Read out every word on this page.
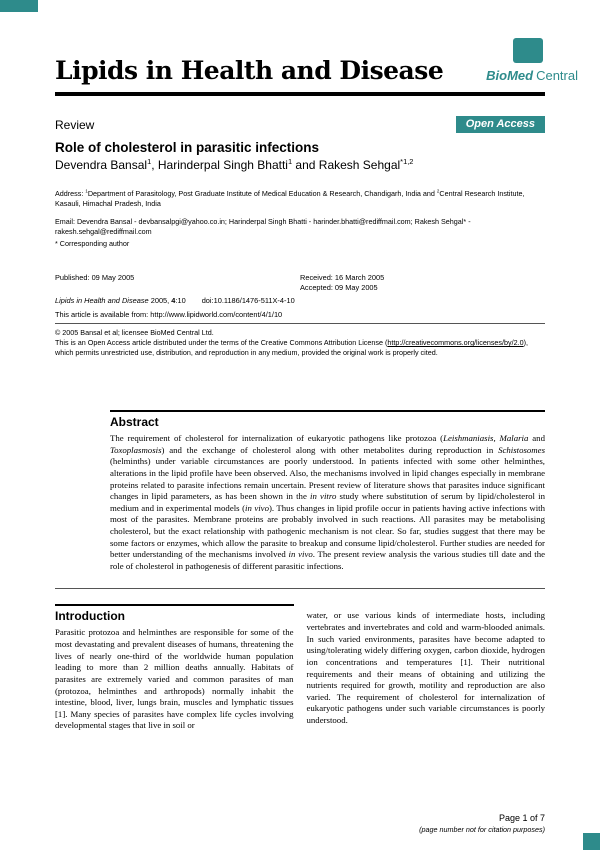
BioMed Central
Lipids in Health and Disease
Review	Open Access
Role of cholesterol in parasitic infections
Devendra Bansal$^1$, Harinderpal Singh Bhatti$^1$ and Rakesh Sehgal$^{*1,2}$

Address: $^1$Department of Parasitology, Post Graduate Institute of Medical Education & Research, Chandigarh, India and $^2$Central Research Institute, Kasauli, Himachal Pradesh, India

Email: Devendra Bansal - devbansalpgi@yahoo.co.in; Harinderpal Singh Bhatti - harinder.bhatti@rediffmail.com; Rakesh Sehgal* - rakesh.sehgal@rediffmail.com

* Corresponding author

Published: 09 May 2005	Received: 16 March 2005
Accepted: 09 May 2005

Lipids in Health and Disease 2005, 4:10 doi:10.1186/1476-511X-4-10

This article is available from: http://www.lipidworld.com/content/4/1/10

© 2005 Bansal et al; licensee BioMed Central Ltd.
This is an Open Access article distributed under the terms of the Creative Commons Attribution License (http://creativecommons.org/licenses/by/2.0), which permits unrestricted use, distribution, and reproduction in any medium, provided the original work is properly cited.

Abstract

The requirement of cholesterol for internalization of eukaryotic pathogens like protozoa (Leishmaniasis, Malaria and Toxoplasmosis) and the exchange of cholesterol along with other metabolites during reproduction in Schistosomes (helminths) under variable circumstances are poorly understood. In patients infected with some other helminthes, alterations in the lipid profile have been observed. Also, the mechanisms involved in lipid changes especially in membrane proteins related to parasite infections remain uncertain. Present review of literature shows that parasites induce significant changes in lipid parameters, as has been shown in the in vitro study where substitution of serum by lipid/cholesterol in medium and in experimental models (in vivo). Thus changes in lipid profile occur in patients having active infections with most of the parasites. Membrane proteins are probably involved in such reactions. All parasites may be metabolising cholesterol, but the exact relationship with pathogenic mechanism is not clear. So far, studies suggest that there may be some factors or enzymes, which allow the parasite to breakup and consume lipid/cholesterol. Further studies are needed for better understanding of the mechanisms involved in vivo. The present review analysis the various studies till date and the role of cholesterol in pathogenesis of different parasitic infections.

Introduction

Parasitic protozoa and helminthes are responsible for some of the most devastating and prevalent diseases of humans, threatening the lives of nearly one-third of the worldwide human population leading to more than 2 million deaths annually. Habitats of parasites are extremely varied and common parasites of man (protozoa, helminthes and arthropods) normally inhabit the intestine, blood, liver, lungs brain, muscles and lymphatic tissues [1]. Many species of parasites have complex life cycles involving developmental stages that live in soil or

water, or use various kinds of intermediate hosts, including vertebrates and invertebrates and cold and warm-blooded animals. In such varied environments, parasites have become adapted to using/tolerating widely differing oxygen, carbon dioxide, hydrogen ion concentrations and temperatures [1]. Their nutritional requirements and their means of obtaining and utilizing the nutrients required for growth, motility and reproduction are also varied. The requirement of cholesterol for internalization of eukaryotic pathogens under such variable circumstances is poorly understood.

Page 1 of 7
(page number not for citation purposes)
